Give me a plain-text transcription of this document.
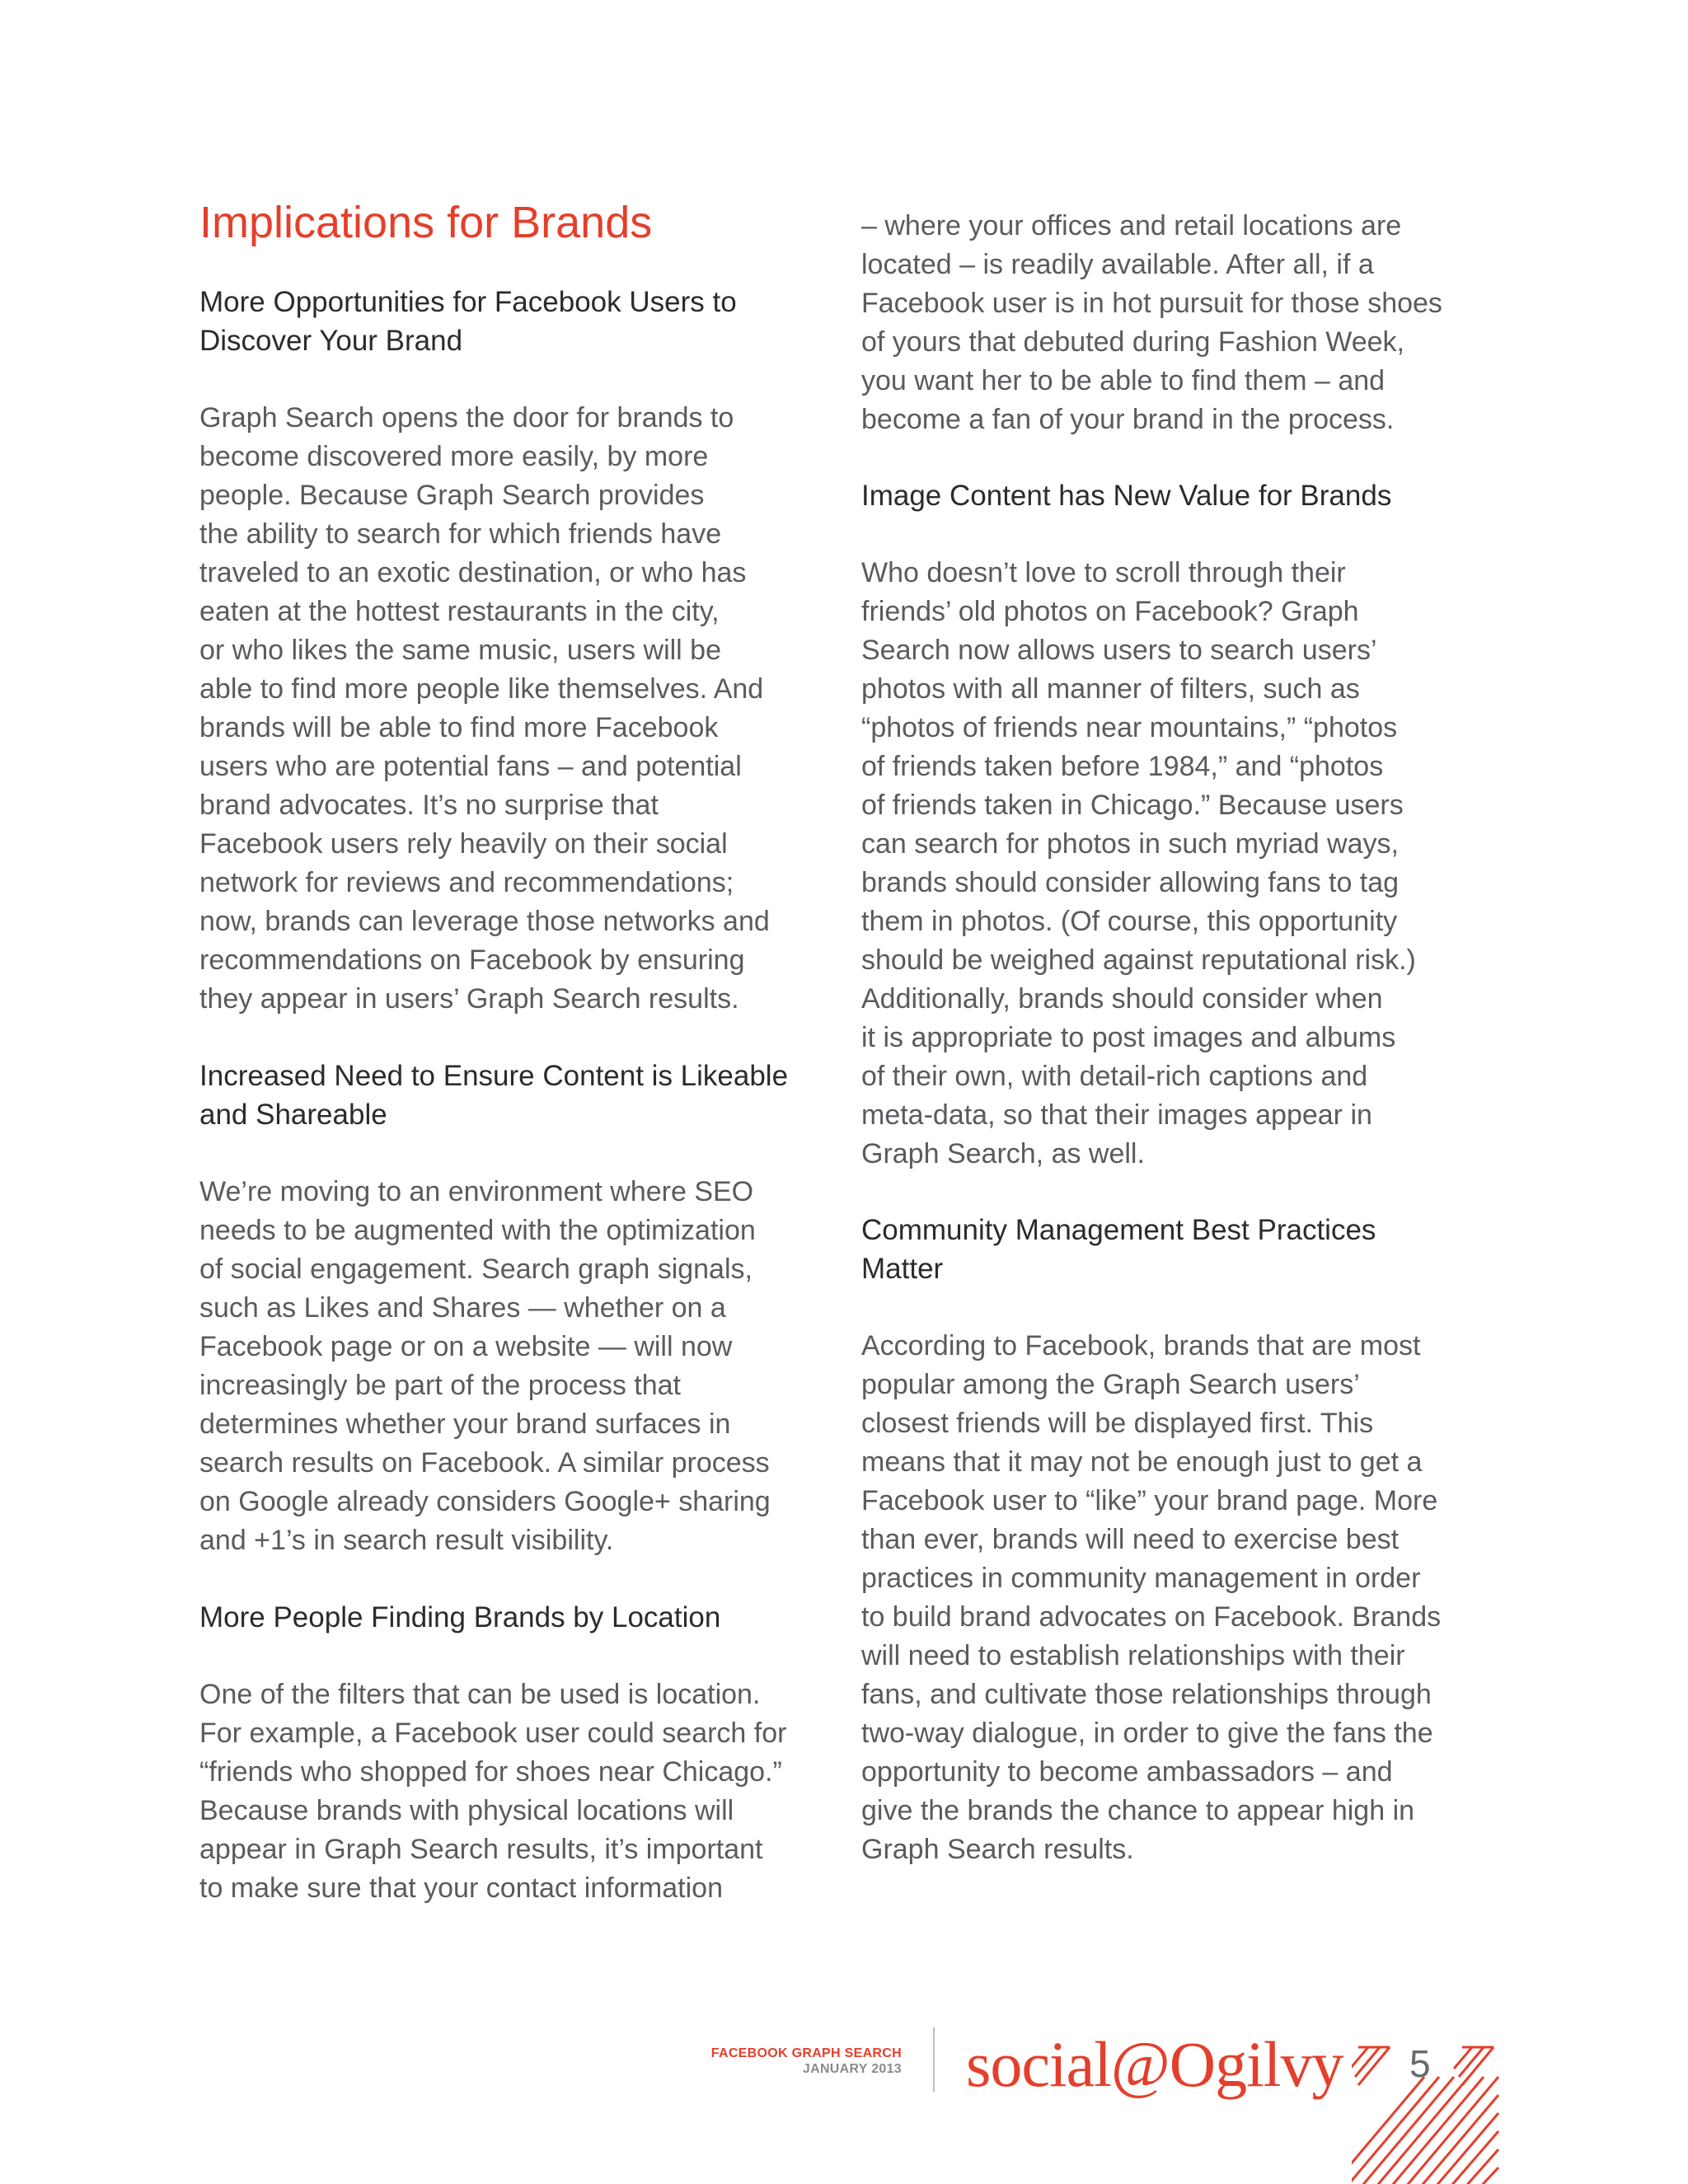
Implications for Brands
More Opportunities for Facebook Users to
Discover Your Brand

Graph Search opens the door for brands to
become discovered more easily, by more
people. Because Graph Search provides
the ability to search for which friends have
traveled to an exotic destination, or who has
eaten at the hottest restaurants in the city,
or who likes the same music, users will be
able to find more people like themselves. And
brands will be able to find more Facebook
users who are potential fans – and potential
brand advocates. It’s no surprise that
Facebook users rely heavily on their social
network for reviews and recommendations;
now, brands can leverage those networks and
recommendations on Facebook by ensuring
they appear in users’ Graph Search results.

Increased Need to Ensure Content is Likeable
and Shareable

We’re moving to an environment where SEO
needs to be augmented with the optimization
of social engagement. Search graph signals,
such as Likes and Shares — whether on a
Facebook page or on a website — will now
increasingly be part of the process that
determines whether your brand surfaces in
search results on Facebook. A similar process
on Google already considers Google+ sharing
and +1’s in search result visibility.

More People Finding Brands by Location

One of the filters that can be used is location.
For example, a Facebook user could search for
“friends who shopped for shoes near Chicago.”
Because brands with physical locations will
appear in Graph Search results, it’s important
to make sure that your contact information

– where your offices and retail locations are
located – is readily available. After all, if a
Facebook user is in hot pursuit for those shoes
of yours that debuted during Fashion Week,
you want her to be able to find them – and
become a fan of your brand in the process.

Image Content has New Value for Brands

Who doesn’t love to scroll through their
friends’ old photos on Facebook? Graph
Search now allows users to search users’
photos with all manner of filters, such as
“photos of friends near mountains,” “photos
of friends taken before 1984,” and “photos
of friends taken in Chicago.” Because users
can search for photos in such myriad ways,
brands should consider allowing fans to tag
them in photos. (Of course, this opportunity
should be weighed against reputational risk.)
Additionally, brands should consider when
it is appropriate to post images and albums
of their own, with detail-rich captions and
meta-data, so that their images appear in
Graph Search, as well.

Community Management Best Practices
Matter

According to Facebook, brands that are most
popular among the Graph Search users’
closest friends will be displayed first. This
means that it may not be enough just to get a
Facebook user to “like” your brand page. More
than ever, brands will need to exercise best
practices in community management in order
to build brand advocates on Facebook. Brands
will need to establish relationships with their
fans, and cultivate those relationships through
two-way dialogue, in order to give the fans the
opportunity to become ambassadors – and
give the brands the chance to appear high in
Graph Search results.

FACEBOOK GRAPH SEARCH
JANUARY 2013 social@Ogilvy 5
